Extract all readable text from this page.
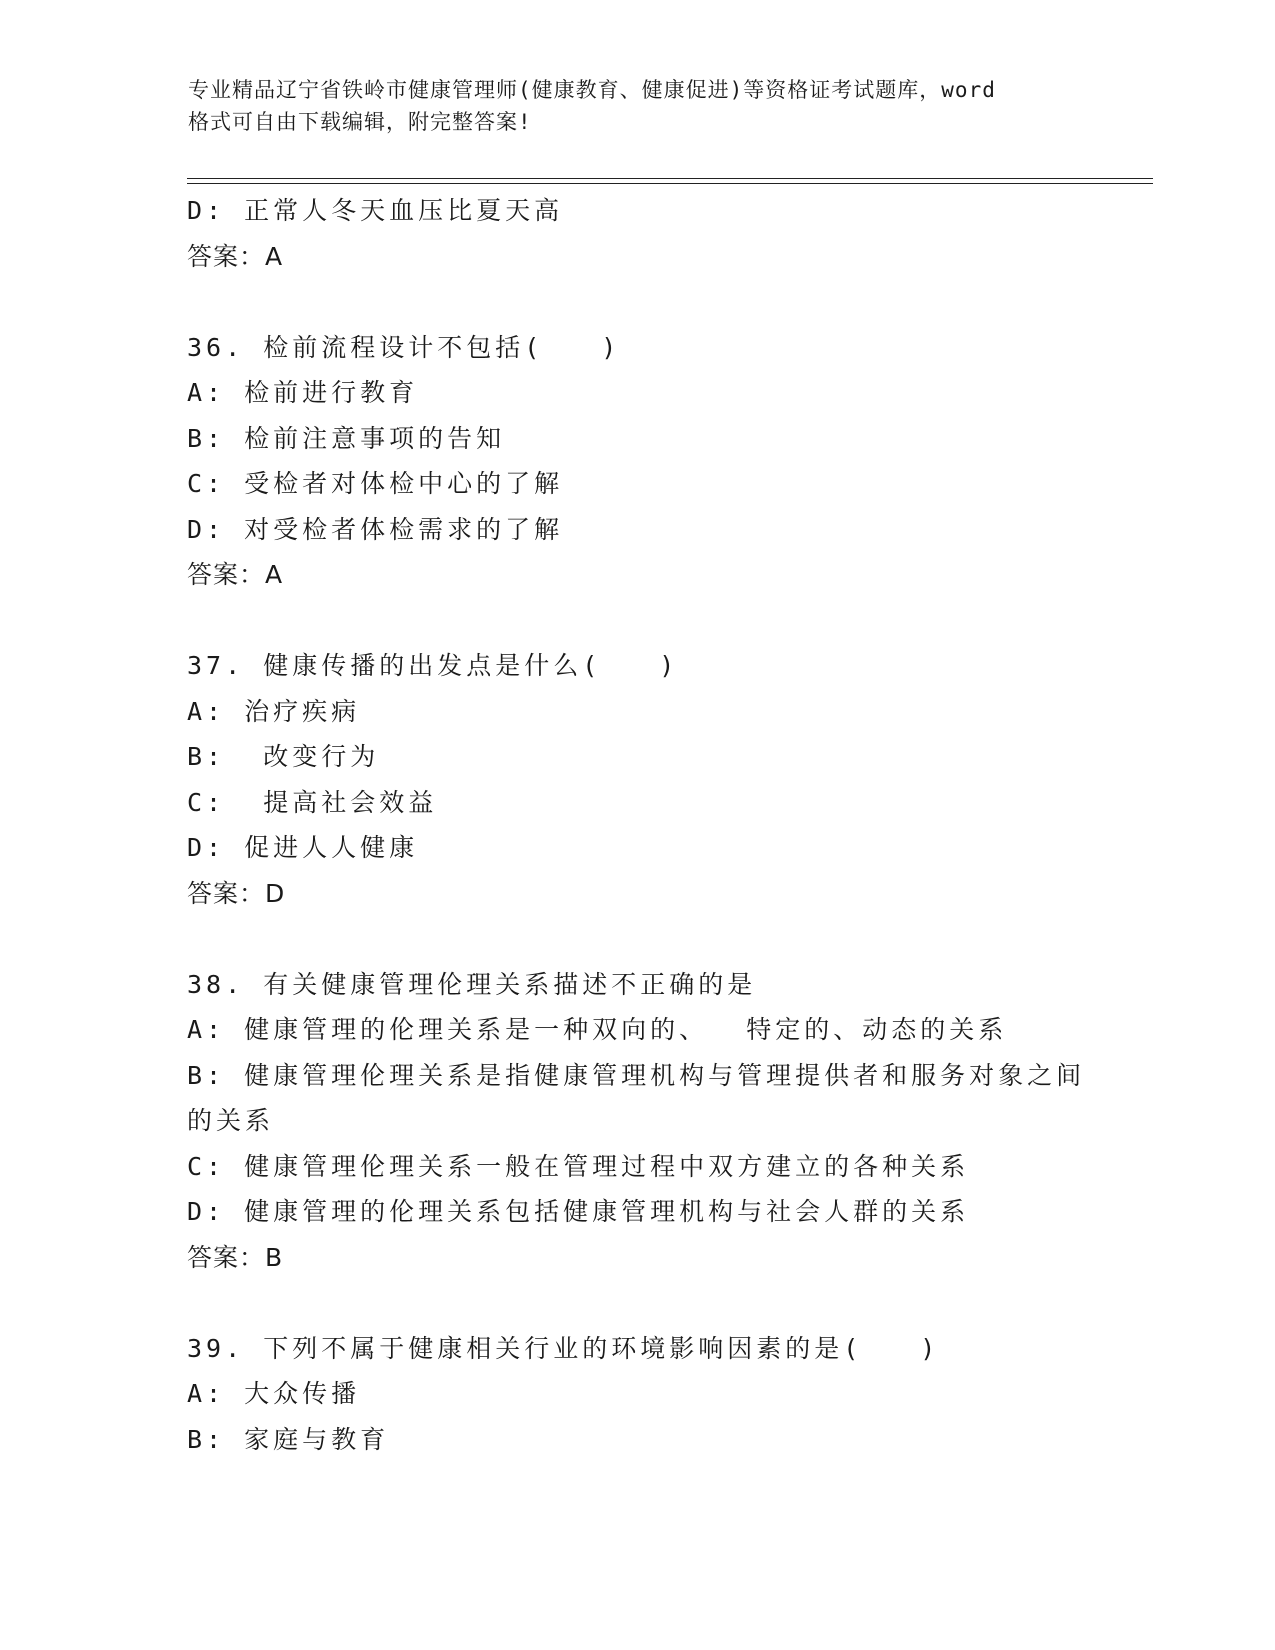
专业精品辽宁省铁岭市健康管理师(健康教育、健康促进)等资格证考试题库，word
格式可自由下载编辑，附完整答案!
D: 正常人冬天血压比夏天高
答案：A
36. 检前流程设计不包括(　　)
A: 检前进行教育
B: 检前注意事项的告知
C: 受检者对体检中心的了解
D: 对受检者体检需求的了解
答案：A
37. 健康传播的出发点是什么(　　)
A: 治疗疾病
B:  改变行为
C:  提高社会效益
D: 促进人人健康
答案：D
38. 有关健康管理伦理关系描述不正确的是
A: 健康管理的伦理关系是一种双向的、  特定的、动态的关系
B: 健康管理伦理关系是指健康管理机构与管理提供者和服务对象之间
的关系
C: 健康管理伦理关系一般在管理过程中双方建立的各种关系
D: 健康管理的伦理关系包括健康管理机构与社会人群的关系
答案：B
39. 下列不属于健康相关行业的环境影响因素的是(　　)
A: 大众传播
B: 家庭与教育
